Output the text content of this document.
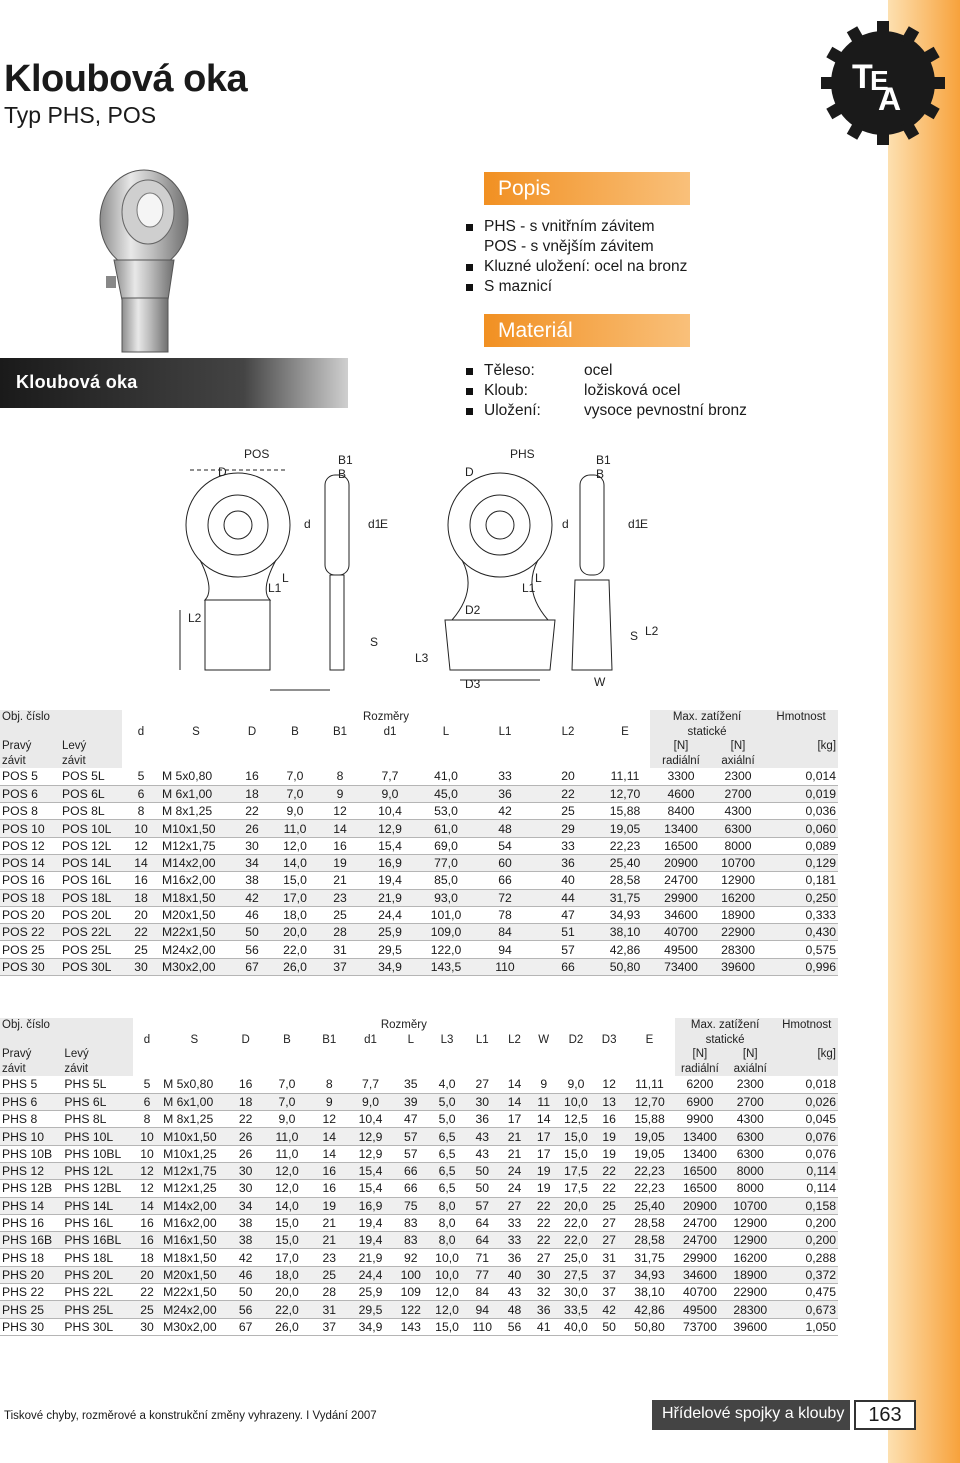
Kloubová oka
Typ PHS, POS
T
E
A
Kloubová oka
Popis
PHS - s vnitřním závitem
POS - s vnějším závitem
Kluzné uložení: ocel na bronz
S maznicí
Materiál
Těleso:	ocel
Kloub:	ložisková ocel
Uložení:	vysoce pevnostní bronz
POS	PHS
D	D
B1	B1
B	B
d	d
d1	d1
E	E
L	L
L1	L1
L2
L2
L3
D2
D3
S	S
W
Obj. číslo		Rozměry										Max. zatížení		Hmotnost
		d	S	D	B	B1	d1	L	L1	L2	E	statické		
Pravý	Levý											[N]	[N]	[kg]
závit	závit											radiální	axiální	
POS 5	POS 5L	5	M 5x0,80	16	7,0	8	7,7	41,0	33	20	11,11	3300	2300	0,014
POS 6	POS 6L	6	M 6x1,00	18	7,0	9	9,0	45,0	36	22	12,70	4600	2700	0,019
POS 8	POS 8L	8	M 8x1,25	22	9,0	12	10,4	53,0	42	25	15,88	8400	4300	0,036
POS 10	POS 10L	10	M10x1,50	26	11,0	14	12,9	61,0	48	29	19,05	13400	6300	0,060
POS 12	POS 12L	12	M12x1,75	30	12,0	16	15,4	69,0	54	33	22,23	16500	8000	0,089
POS 14	POS 14L	14	M14x2,00	34	14,0	19	16,9	77,0	60	36	25,40	20900	10700	0,129
POS 16	POS 16L	16	M16x2,00	38	15,0	21	19,4	85,0	66	40	28,58	24700	12900	0,181
POS 18	POS 18L	18	M18x1,50	42	17,0	23	21,9	93,0	72	44	31,75	29900	16200	0,250
POS 20	POS 20L	20	M20x1,50	46	18,0	25	24,4	101,0	78	47	34,93	34600	18900	0,333
POS 22	POS 22L	22	M22x1,50	50	20,0	28	25,9	109,0	84	51	38,10	40700	22900	0,430
POS 25	POS 25L	25	M24x2,00	56	22,0	31	29,5	122,0	94	57	42,86	49500	28300	0,575
POS 30	POS 30L	30	M30x2,00	67	26,0	37	34,9	143,5	110	66	50,80	73400	39600	0,996
Obj. číslo		Rozměry														Max. zatížení		Hmotnost
		d	S	D	B	B1	d1	L	L3	L1	L2	W	D2	D3	E	statické		
Pravý	Levý															[N]	[N]	[kg]
závit	závit															radiální	axiální	
PHS 5	PHS 5L	5	M 5x0,80	16	7,0	8	7,7	35	4,0	27	14	9	9,0	12	11,11	6200	2300	0,018
PHS 6	PHS 6L	6	M 6x1,00	18	7,0	9	9,0	39	5,0	30	14	11	10,0	13	12,70	6900	2700	0,026
PHS 8	PHS 8L	8	M 8x1,25	22	9,0	12	10,4	47	5,0	36	17	14	12,5	16	15,88	9900	4300	0,045
PHS 10	PHS 10L	10	M10x1,50	26	11,0	14	12,9	57	6,5	43	21	17	15,0	19	19,05	13400	6300	0,076
PHS 10B	PHS 10BL	10	M10x1,25	26	11,0	14	12,9	57	6,5	43	21	17	15,0	19	19,05	13400	6300	0,076
PHS 12	PHS 12L	12	M12x1,75	30	12,0	16	15,4	66	6,5	50	24	19	17,5	22	22,23	16500	8000	0,114
PHS 12B	PHS 12BL	12	M12x1,25	30	12,0	16	15,4	66	6,5	50	24	19	17,5	22	22,23	16500	8000	0,114
PHS 14	PHS 14L	14	M14x2,00	34	14,0	19	16,9	75	8,0	57	27	22	20,0	25	25,40	20900	10700	0,158
PHS 16	PHS 16L	16	M16x2,00	38	15,0	21	19,4	83	8,0	64	33	22	22,0	27	28,58	24700	12900	0,200
PHS 16B	PHS 16BL	16	M16x1,50	38	15,0	21	19,4	83	8,0	64	33	22	22,0	27	28,58	24700	12900	0,200
PHS 18	PHS 18L	18	M18x1,50	42	17,0	23	21,9	92	10,0	71	36	27	25,0	31	31,75	29900	16200	0,288
PHS 20	PHS 20L	20	M20x1,50	46	18,0	25	24,4	100	10,0	77	40	30	27,5	37	34,93	34600	18900	0,372
PHS 22	PHS 22L	22	M22x1,50	50	20,0	28	25,9	109	12,0	84	43	32	30,0	37	38,10	40700	22900	0,475
PHS 25	PHS 25L	25	M24x2,00	56	22,0	31	29,5	122	12,0	94	48	36	33,5	42	42,86	49500	28300	0,673
PHS 30	PHS 30L	30	M30x2,00	67	26,0	37	34,9	143	15,0	110	56	41	40,0	50	50,80	73700	39600	1,050
Tiskové chyby, rozměrové a konstrukční změny vyhrazeny. I Vydání 2007	Hřídelové spojky a klouby	163
